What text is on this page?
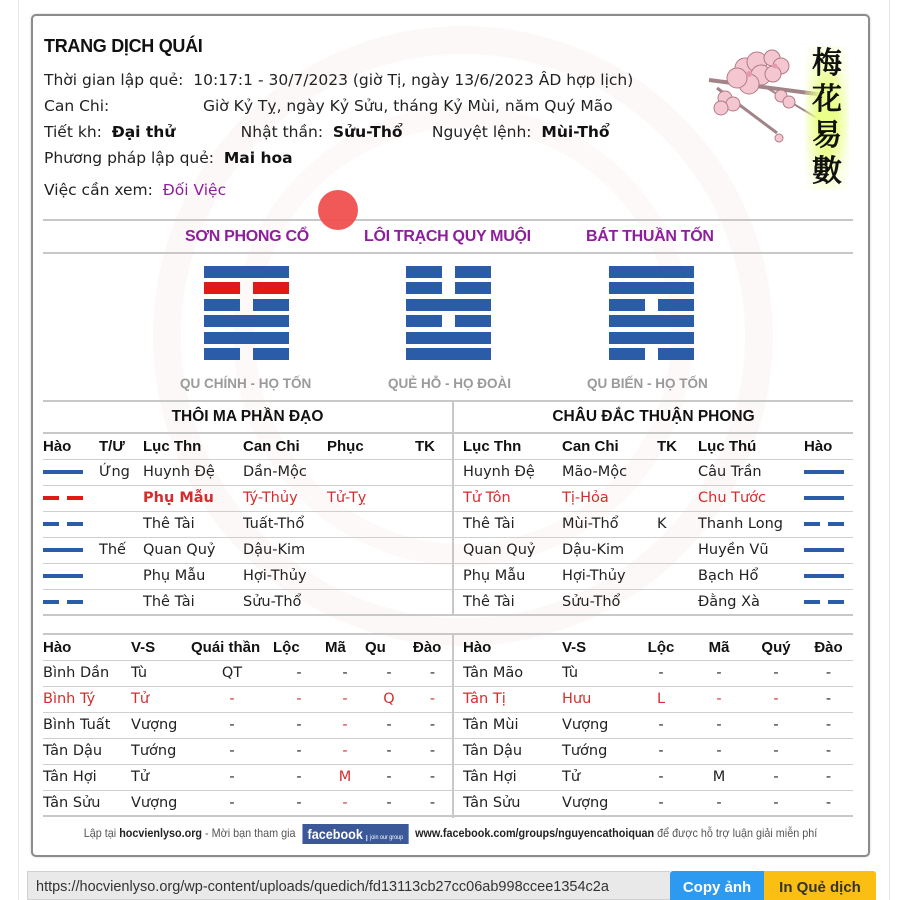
TRANG DỊCH QUÁI
Thời gian lập quẻ: 10:17:1 - 30/7/2023 (giờ Tị, ngày 13/6/2023 ÂD hợp lịch)
Can Chi:	Giờ Kỷ Tỵ, ngày Kỷ Sửu, tháng Kỷ Mùi, năm Quý Mão
Tiết kh: Đại thử	Nhật thần: Sửu-Thổ Nguyệt lệnh: Mùi-Thổ
Phương pháp lập quẻ: Mai hoa
Việc cần xem: Đối Việc
梅
花
易
數
SƠN PHONG CỔ	LÔI TRẠCH QUY MUỘI	BÁT THUẦN TỐN
QU CHÍNH - HỌ TỐN	QUẺ HỖ - HỌ ĐOÀI	QU BIẾN - HỌ TỐN
THÔI MA PHẦN ĐẠO	CHÂU ĐẮC THUẬN PHONG
Hào	T/Ư	Lục Thn	Can Chi	Phục	TK
	Ứng	Huynh Đệ	Dần-Mộc		
		Phụ Mẫu	Tý-Thủy	Tử-Tỵ	
		Thê Tài	Tuất-Thổ		
	Thế	Quan Quỷ	Dậu-Kim		
		Phụ Mẫu	Hợi-Thủy		
		Thê Tài	Sửu-Thổ		
Lục Thn	Can Chi	TK	Lục Thú	Hào
Huynh Đệ	Mão-Mộc		Câu Trần	
Tử Tôn	Tị-Hỏa		Chu Tước	
Thê Tài	Mùi-Thổ	K	Thanh Long	
Quan Quỷ	Dậu-Kim		Huyền Vũ	
Phụ Mẫu	Hợi-Thủy		Bạch Hổ	
Thê Tài	Sửu-Thổ		Đằng Xà	
Hào	V-S	Quái thần	Lộc	Mã	Qu	Đào
Bình Dần	Tù	QT	-	-	-	-
Bình Tý	Tử	-	-	-	Q	-
Bình Tuất	Vượng	-	-	-	-	-
Tân Dậu	Tướng	-	-	-	-	-
Tân Hợi	Tử	-	-	M	-	-
Tân Sửu	Vượng	-	-	-	-	-
Hào	V-S	Lộc	Mã	Quý	Đào
Tân Mão	Tù	-	-	-	-
Tân Tị	Hưu	L	-	-	-
Tân Mùi	Vượng	-	-	-	-
Tân Dậu	Tướng	-	-	-	-
Tân Hợi	Tử	-	M	-	-
Tân Sửu	Vượng	-	-	-	-
Lập tại hocvienlyso.org - Mời bạn tham gia facebook join our group www.facebook.com/groups/nguyencathoiquan để được hỗ trợ luận giải miễn phí
https://hocvienlyso.org/wp-content/uploads/quedich/fd13113cb27cc06ab998ccee1354c2a	Copy ảnh	In Quẻ dịch
